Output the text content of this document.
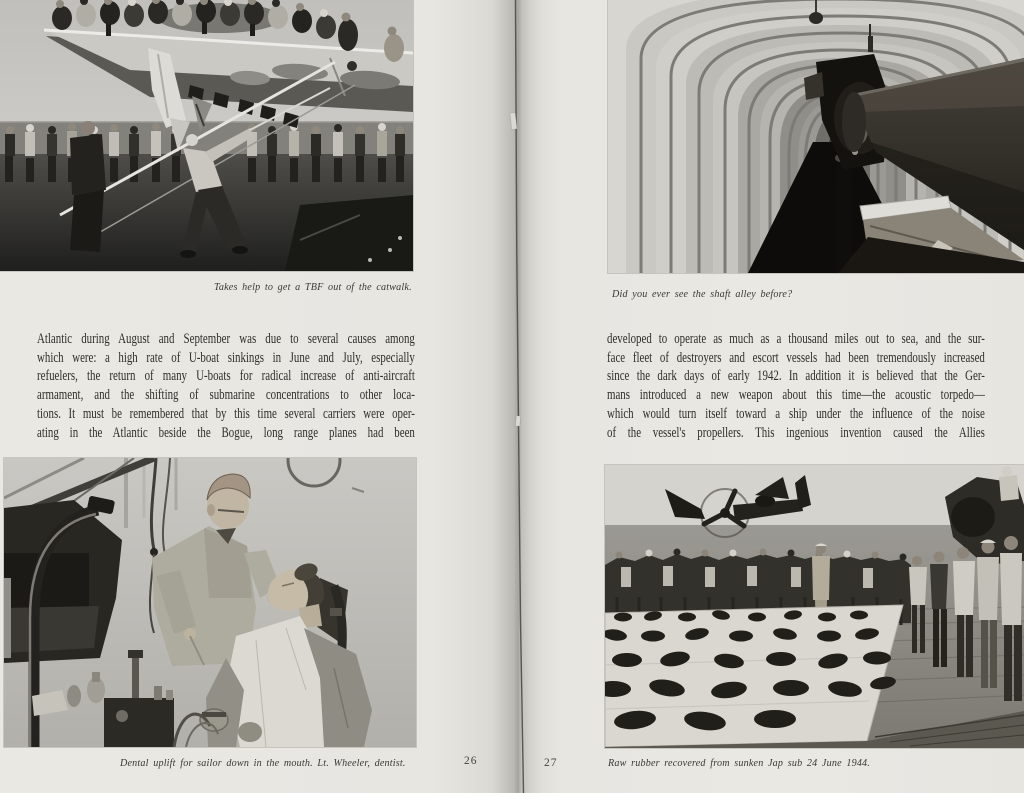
Takes help to get a TBF out of the catwalk.
Did you ever see the shaft alley before?
Dental uplift for sailor down in the mouth. Lt. Wheeler, dentist.	Raw rubber recovered from sunken Jap sub 24 June 1944.
Atlantic during August and September was due to several causes among
which were: a high rate of U-boat sinkings in June and July, especially
refuelers, the return of many U-boats for radical increase of anti-aircraft
armament, and the shifting of submarine concentrations to other loca-
tions. It must be remembered that by this time several carriers were oper-
ating in the Atlantic beside the Bogue, long range planes had been
developed to operate as much as a thousand miles out to sea, and the sur-
face fleet of destroyers and escort vessels had been tremendously increased
since the dark days of early 1942. In addition it is believed that the Ger-
mans introduced a new weapon about this time—the acoustic torpedo—
which would turn itself toward a ship under the influence of the noise
of the vessel's propellers. This ingenious invention caused the Allies
26	27
